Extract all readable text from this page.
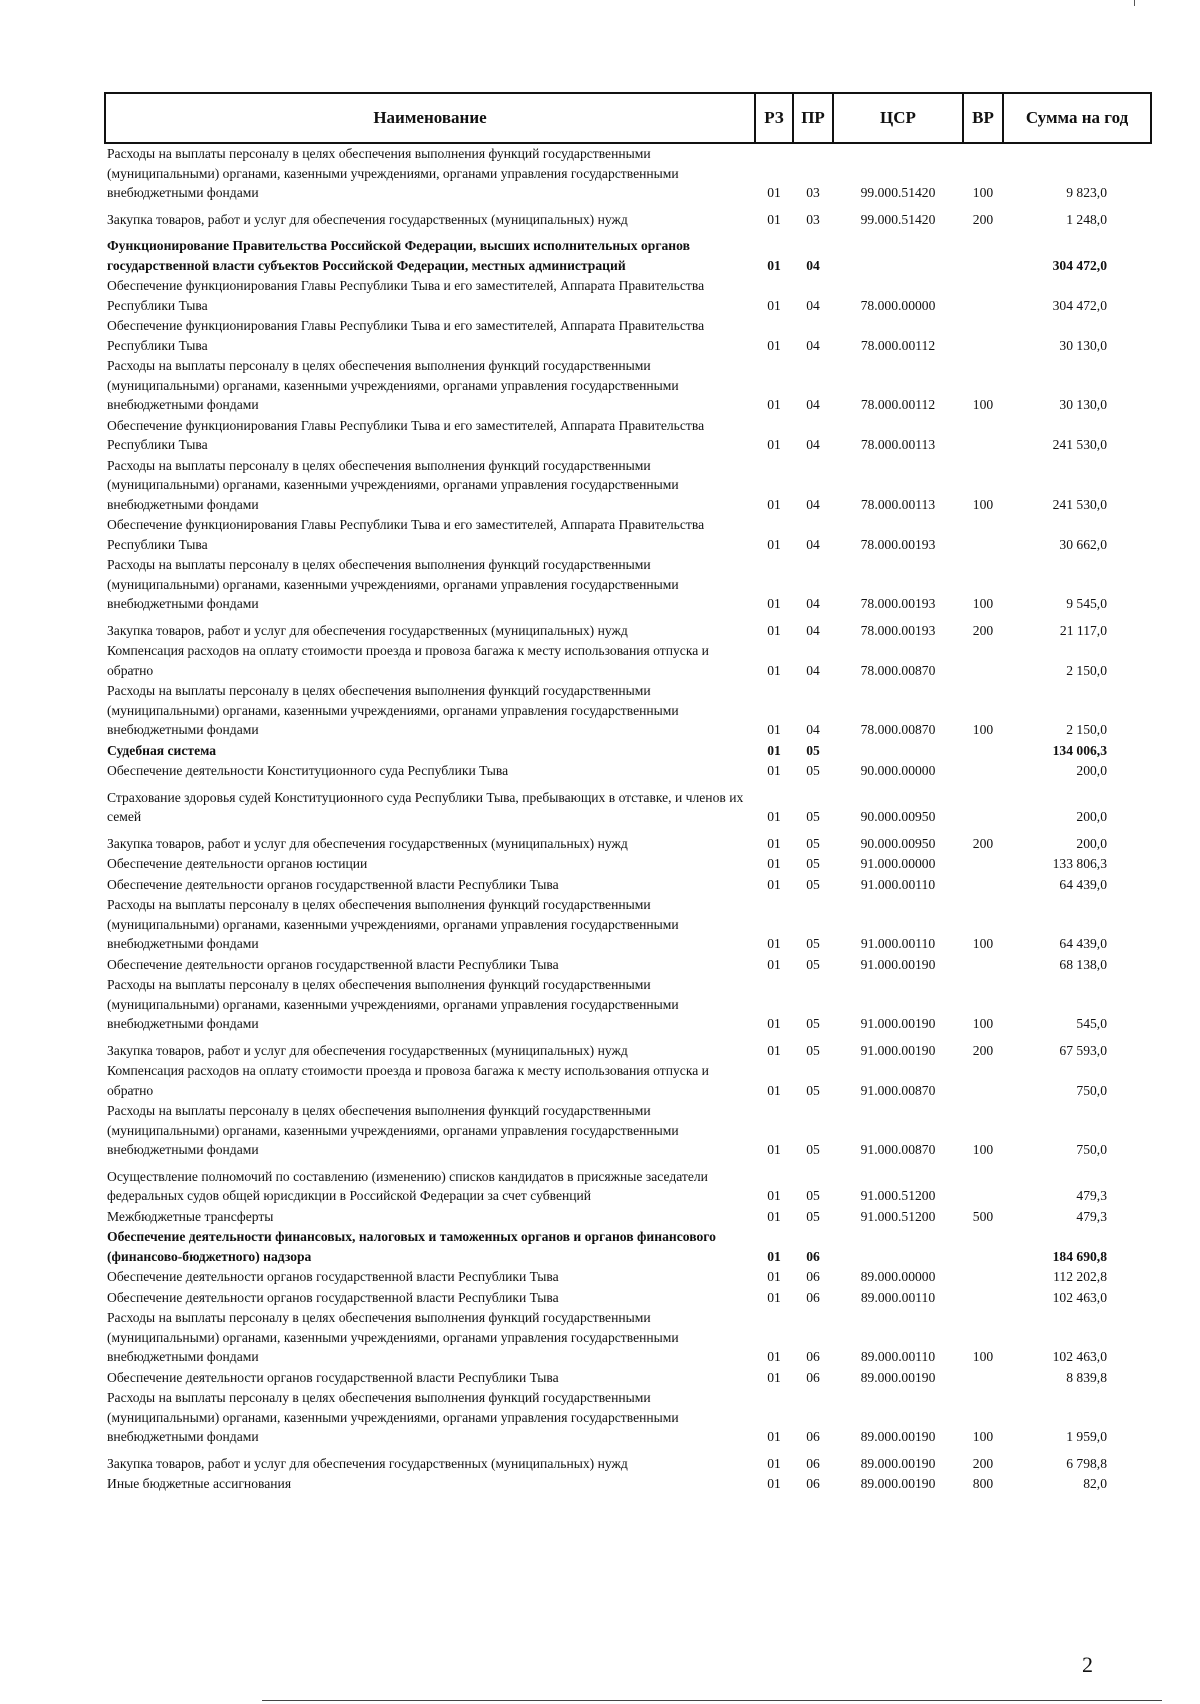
Наименование	РЗ	ПР	ЦСР	ВР	Сумма на год
Расходы на выплаты персоналу в целях обеспечения выполнения функций государственными (муниципальными) органами, казенными учреждениями, органами управления государственными внебюджетными фондами	01	03	99.000.51420	100	9 823,0
Закупка товаров, работ и услуг для обеспечения государственных (муниципальных) нужд	01	03	99.000.51420	200	1 248,0
Функционирование Правительства Российской Федерации, высших исполнительных органов государственной власти субъектов Российской Федерации, местных администраций	01	04			304 472,0
Обеспечение функционирования Главы Республики Тыва и его заместителей, Аппарата Правительства Республики Тыва	01	04	78.000.00000		304 472,0
Обеспечение функционирования Главы Республики Тыва и его заместителей, Аппарата Правительства Республики Тыва	01	04	78.000.00112		30 130,0
Расходы на выплаты персоналу в целях обеспечения выполнения функций государственными (муниципальными) органами, казенными учреждениями, органами управления государственными внебюджетными фондами	01	04	78.000.00112	100	30 130,0
Обеспечение функционирования Главы Республики Тыва и его заместителей, Аппарата Правительства Республики Тыва	01	04	78.000.00113		241 530,0
Расходы на выплаты персоналу в целях обеспечения выполнения функций государственными (муниципальными) органами, казенными учреждениями, органами управления государственными внебюджетными фондами	01	04	78.000.00113	100	241 530,0
Обеспечение функционирования Главы Республики Тыва и его заместителей, Аппарата Правительства Республики Тыва	01	04	78.000.00193		30 662,0
Расходы на выплаты персоналу в целях обеспечения выполнения функций государственными (муниципальными) органами, казенными учреждениями, органами управления государственными внебюджетными фондами	01	04	78.000.00193	100	9 545,0
Закупка товаров, работ и услуг для обеспечения государственных (муниципальных) нужд	01	04	78.000.00193	200	21 117,0
Компенсация расходов на оплату стоимости проезда и провоза багажа к месту использования отпуска и обратно	01	04	78.000.00870		2 150,0
Расходы на выплаты персоналу в целях обеспечения выполнения функций государственными (муниципальными) органами, казенными учреждениями, органами управления государственными внебюджетными фондами	01	04	78.000.00870	100	2 150,0
Судебная система	01	05			134 006,3
Обеспечение деятельности Конституционного суда Республики Тыва	01	05	90.000.00000		200,0
Страхование здоровья судей Конституционного суда Республики Тыва, пребывающих в отставке, и членов их семей	01	05	90.000.00950		200,0
Закупка товаров, работ и услуг для обеспечения государственных (муниципальных) нужд	01	05	90.000.00950	200	200,0
Обеспечение деятельности органов юстиции	01	05	91.000.00000		133 806,3
Обеспечение деятельности органов государственной власти Республики Тыва	01	05	91.000.00110		64 439,0
Расходы на выплаты персоналу в целях обеспечения выполнения функций государственными (муниципальными) органами, казенными учреждениями, органами управления государственными внебюджетными фондами	01	05	91.000.00110	100	64 439,0
Обеспечение деятельности органов государственной власти Республики Тыва	01	05	91.000.00190		68 138,0
Расходы на выплаты персоналу в целях обеспечения выполнения функций государственными (муниципальными) органами, казенными учреждениями, органами управления государственными внебюджетными фондами	01	05	91.000.00190	100	545,0
Закупка товаров, работ и услуг для обеспечения государственных (муниципальных) нужд	01	05	91.000.00190	200	67 593,0
Компенсация расходов на оплату стоимости проезда и провоза багажа к месту использования отпуска и обратно	01	05	91.000.00870		750,0
Расходы на выплаты персоналу в целях обеспечения выполнения функций государственными (муниципальными) органами, казенными учреждениями, органами управления государственными внебюджетными фондами	01	05	91.000.00870	100	750,0
Осуществление полномочий по составлению (изменению) списков кандидатов в присяжные заседатели федеральных судов общей юрисдикции в Российской Федерации за счет субвенций	01	05	91.000.51200		479,3
Межбюджетные трансферты	01	05	91.000.51200	500	479,3
Обеспечение деятельности финансовых, налоговых и таможенных органов и органов финансового (финансово-бюджетного) надзора	01	06			184 690,8
Обеспечение деятельности органов государственной власти Республики Тыва	01	06	89.000.00000		112 202,8
Обеспечение деятельности органов государственной власти Республики Тыва	01	06	89.000.00110		102 463,0
Расходы на выплаты персоналу в целях обеспечения выполнения функций государственными (муниципальными) органами, казенными учреждениями, органами управления государственными внебюджетными фондами	01	06	89.000.00110	100	102 463,0
Обеспечение деятельности органов государственной власти Республики Тыва	01	06	89.000.00190		8 839,8
Расходы на выплаты персоналу в целях обеспечения выполнения функций государственными (муниципальными) органами, казенными учреждениями, органами управления государственными внебюджетными фондами	01	06	89.000.00190	100	1 959,0
Закупка товаров, работ и услуг для обеспечения государственных (муниципальных) нужд	01	06	89.000.00190	200	6 798,8
Иные бюджетные ассигнования	01	06	89.000.00190	800	82,0
2
